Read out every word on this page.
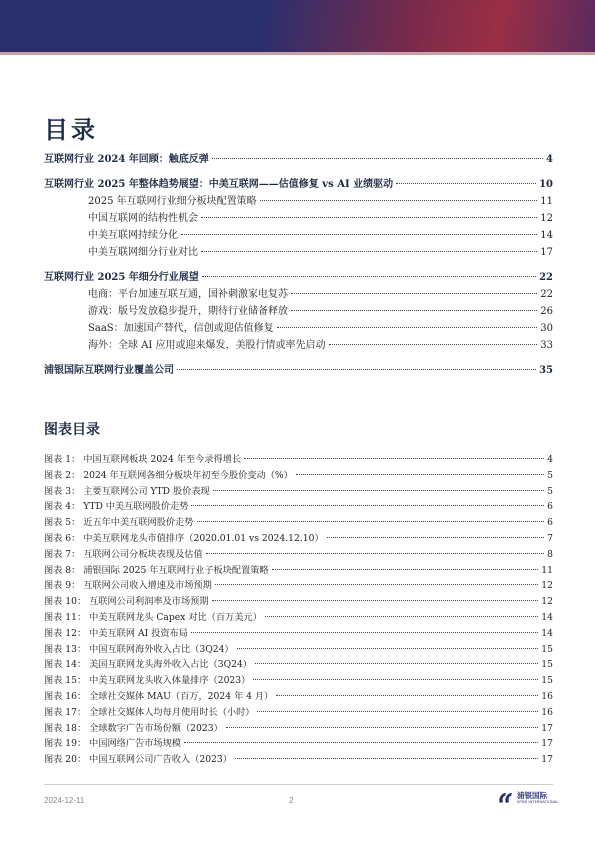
目录
互联网行业 2024 年回顾：触底反弹	4
互联网行业 2025 年整体趋势展望：中美互联网——估值修复 vs AI 业绩驱动	10
2025 年互联网行业细分板块配置策略	11
中国互联网的结构性机会	12
中美互联网持续分化	14
中美互联网细分行业对比	17
互联网行业 2025 年细分行业展望	22
电商：平台加速互联互通，国补刺激家电复苏	22
游戏：版号发放稳步提升，期待行业储备释放	26
SaaS：加速国产替代，信创或迎估值修复	30
海外：全球 AI 应用或迎来爆发，美股行情或率先启动	33
浦银国际互联网行业覆盖公司	35
图表目录
图表 1： 中国互联网板块 2024 年至今录得增长	4
图表 2： 2024 年互联网各细分板块年初至今股价变动（%）	5
图表 3： 主要互联网公司 YTD 股价表现	5
图表 4： YTD 中美互联网股价走势	6
图表 5： 近五年中美互联网股价走势	6
图表 6： 中美互联网龙头市值排序（2020.01.01 vs 2024.12.10）	7
图表 7： 互联网公司分板块表现及估值	8
图表 8： 浦银国际 2025 年互联网行业子板块配置策略	11
图表 9： 互联网公司收入增速及市场预期	12
图表 10： 互联网公司利润率及市场预期	12
图表 11： 中美互联网龙头 Capex 对比（百万美元）	14
图表 12： 中美互联网 AI 投资布局	14
图表 13： 中国互联网海外收入占比（3Q24）	15
图表 14： 美国互联网龙头海外收入占比（3Q24）	15
图表 15： 中美互联网龙头收入体量排序（2023）	15
图表 16： 全球社交媒体 MAU（百万，2024 年 4 月）	16
图表 17： 全球社交媒体人均每月使用时长（小时）	16
图表 18： 全球数字广告市场份额（2023）	17
图表 19： 中国网络广告市场规模	17
图表 20： 中国互联网公司广告收入（2023）	17
2024-12-11	2
浦银国际
SPDB INTERNATIONAL
